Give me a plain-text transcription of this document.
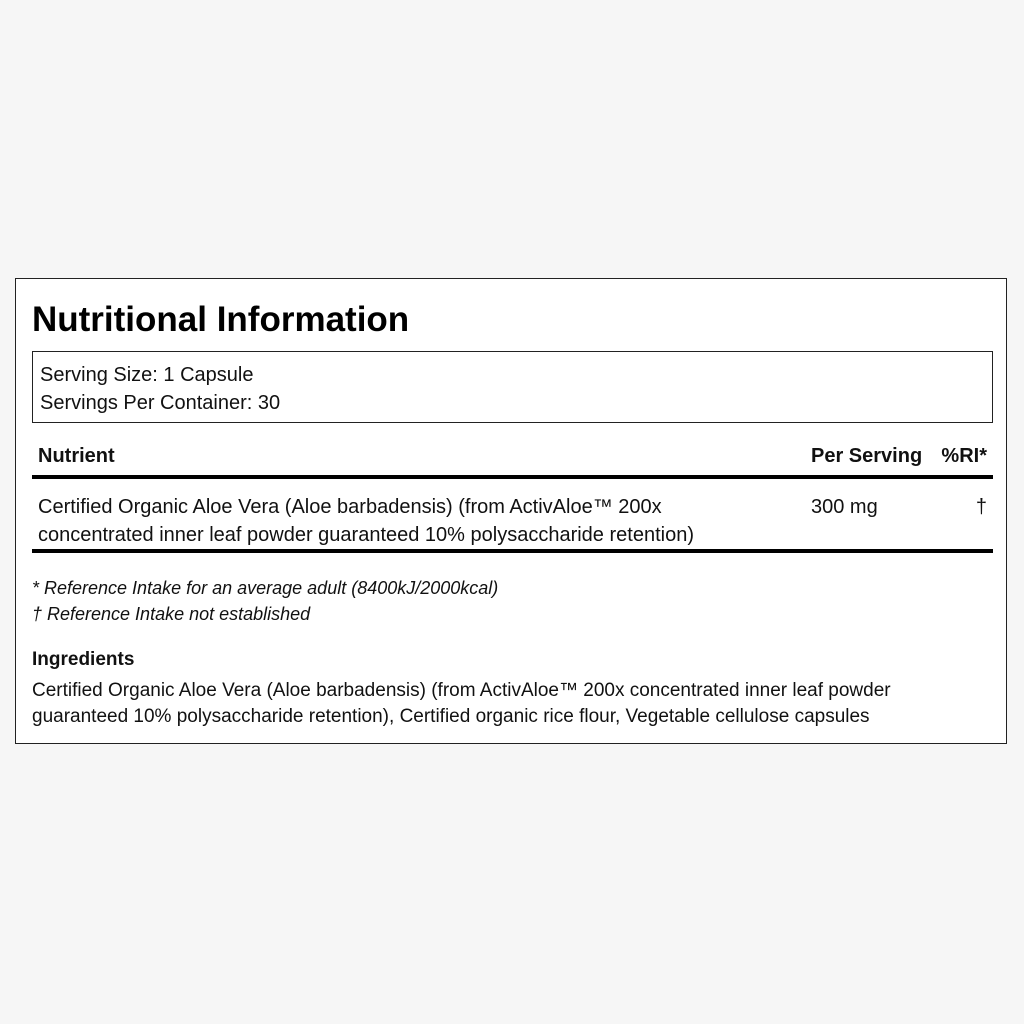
Nutritional Information
Serving Size: 1 Capsule
Servings Per Container: 30
Nutrient	Per Serving %RI*
Certified Organic Aloe Vera (Aloe barbadensis) (from ActivAloe™ 200x concentrated inner leaf powder guaranteed 10% polysaccharide retention)
300 mg	†
* Reference Intake for an average adult (8400kJ/2000kcal)
† Reference Intake not established
Ingredients

Certified Organic Aloe Vera (Aloe barbadensis) (from ActivAloe™ 200x concentrated inner leaf powder guaranteed 10% polysaccharide retention), Certified organic rice flour, Vegetable cellulose capsules
